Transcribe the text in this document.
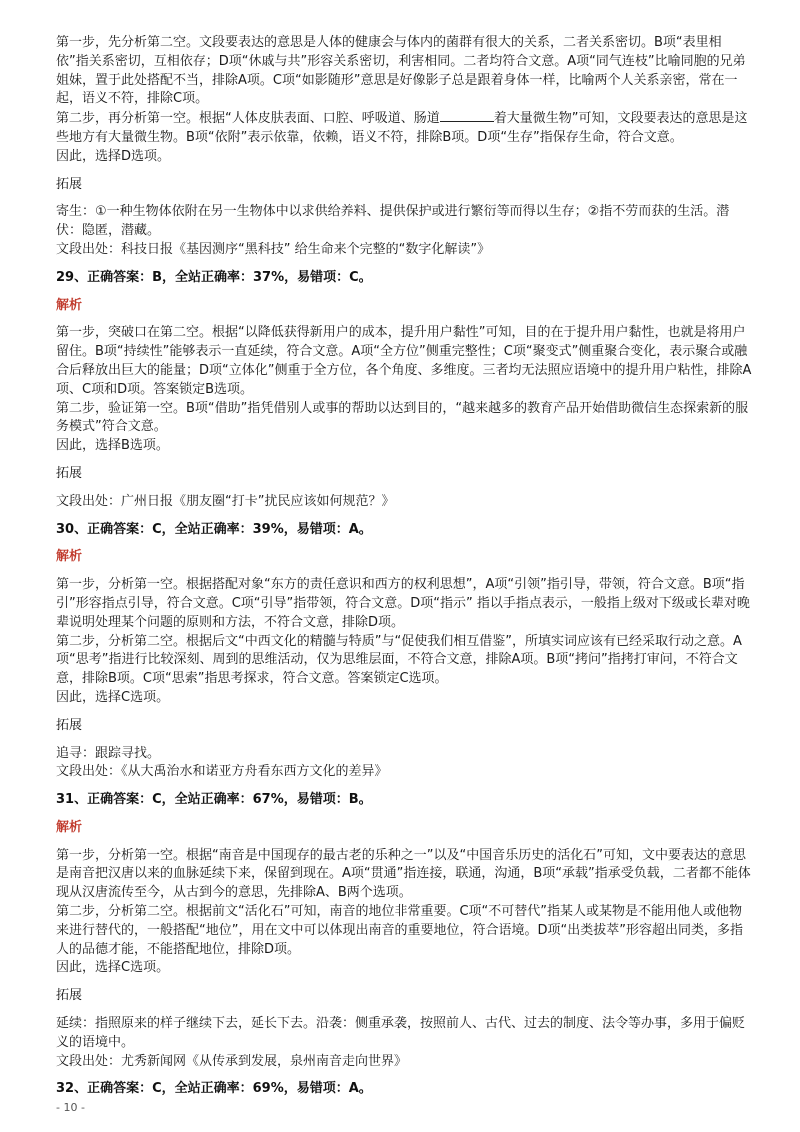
第一步，先分析第二空。文段要表达的意思是人体的健康会与体内的菌群有很大的关系，二者关系密切。B项“表里相依”指关系密切，互相依存；D项“休戚与共”形容关系密切，利害相同。二者均符合文意。A项“同气连枝”比喻同胞的兄弟姐妹，置于此处搭配不当，排除A项。C项“如影随形”意思是好像影子总是跟着身体一样，比喻两个人关系亲密，常在一起，语义不符，排除C项。

第二步，再分析第一空。根据“人体皮肤表面、口腔、呼吸道、肠道	着大量微生物”可知，文段要表达的意思是这些地方有大量微生物。B项“依附”表示依靠，依赖，语义不符，排除B项。D项“生存”指保存生命，符合文意。

因此，选择D选项。

拓展

寄生：①一种生物体依附在另一生物体中以求供给养料、提供保护或进行繁衍等而得以生存；②指不劳而获的生活。潜伏：隐匿，潜藏。

文段出处：科技日报《基因测序“黑科技” 给生命来个完整的“数字化解读”》

29、正确答案：B，全站正确率：37%，易错项：C。

解析

第一步，突破口在第二空。根据“以降低获得新用户的成本，提升用户黏性”可知，目的在于提升用户黏性，也就是将用户留住。B项“持续性”能够表示一直延续，符合文意。A项“全方位”侧重完整性；C项“聚变式”侧重聚合变化，表示聚合或融合后释放出巨大的能量；D项“立体化”侧重于全方位，各个角度、多维度。三者均无法照应语境中的提升用户粘性，排除A项、C项和D项。答案锁定B选项。

第二步，验证第一空。B项“借助”指凭借别人或事的帮助以达到目的，“越来越多的教育产品开始借助微信生态探索新的服务模式”符合文意。

因此，选择B选项。

拓展

文段出处：广州日报《朋友圈“打卡”扰民应该如何规范？》

30、正确答案：C，全站正确率：39%，易错项：A。

解析

第一步，分析第一空。根据搭配对象“东方的责任意识和西方的权利思想”，A项“引领”指引导，带领，符合文意。B项“指引”形容指点引导，符合文意。C项“引导”指带领，符合文意。D项“指示” 指以手指点表示，一般指上级对下级或长辈对晚辈说明处理某个问题的原则和方法，不符合文意，排除D项。

第二步，分析第二空。根据后文“中西文化的精髓与特质”与“促使我们相互借鉴”，所填实词应该有已经采取行动之意。A项“思考”指进行比较深刻、周到的思维活动，仅为思维层面，不符合文意，排除A项。B项“拷问”指拷打审问，不符合文意，排除B项。C项“思索”指思考探求，符合文意。答案锁定C选项。

因此，选择C选项。

拓展

追寻：跟踪寻找。

文段出处：《从大禹治水和诺亚方舟看东西方文化的差异》

31、正确答案：C，全站正确率：67%，易错项：B。

解析

第一步，分析第一空。根据“南音是中国现存的最古老的乐种之一”以及“中国音乐历史的活化石”可知，文中要表达的意思是南音把汉唐以来的血脉延续下来，保留到现在。A项“贯通”指连接，联通，沟通，B项“承载”指承受负载，二者都不能体现从汉唐流传至今，从古到今的意思，先排除A、B两个选项。

第二步，分析第二空。根据前文“活化石”可知，南音的地位非常重要。C项“不可替代”指某人或某物是不能用他人或他物来进行替代的，一般搭配“地位”，用在文中可以体现出南音的重要地位，符合语境。D项“出类拔萃”形容超出同类，多指人的品德才能，不能搭配地位，排除D项。

因此，选择C选项。

拓展

延续：指照原来的样子继续下去，延长下去。沿袭：侧重承袭，按照前人、古代、过去的制度、法令等办事，多用于偏贬义的语境中。

文段出处：尤秀新闻网《从传承到发展，泉州南音走向世界》

32、正确答案：C，全站正确率：69%，易错项：A。

- 10 -
